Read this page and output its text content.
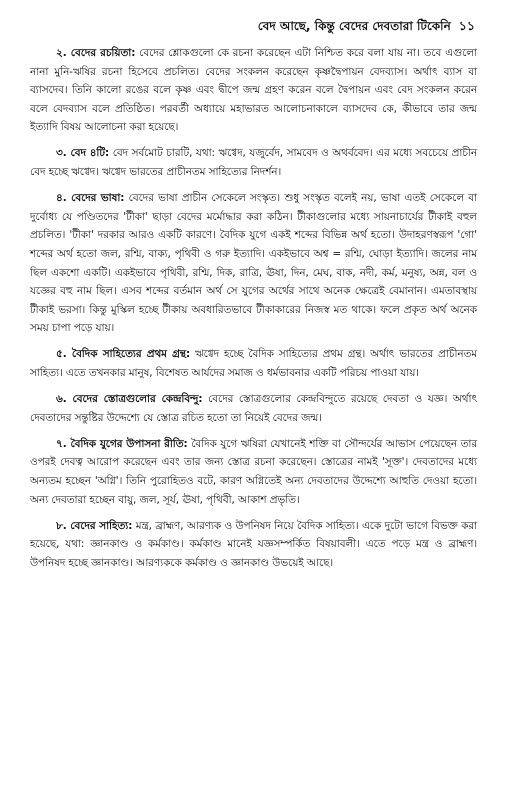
বেদ আছে, কিন্তু বেদের দেবতারা টিকেনি ১১

২. বেদের রচয়িতা: বেদের শ্লোকগুলো কে রচনা করেছেন এটা নিশ্চিত করে বলা যায় না। তবে এগুলো নানা মুনি-ঋষির রচনা হিসেবে প্রচলিত। বেদের সংকলন করেছেন কৃষ্ণদ্বৈপায়ন বেদব্যাস। অর্থাৎ ব্যাস বা ব্যাসদেব। তিনি কালো রঙের বলে কৃষ্ণ এবং দ্বীপে জন্ম গ্রহণ করেন বলে দ্বৈপায়ন এবং বেদ সংকলন করেন বলে বেদব্যাস বলে প্রতিষ্ঠিত। পরবর্তী অধ্যায়ে মহাভারত আলোচনাকালে ব্যাসদেব কে, কীভাবে তার জন্ম ইত্যাদি বিষয় আলোচনা করা হয়েছে।

৩. বেদ ৪টি: বেদ সর্বমোট চারটি, যথা: ঋগ্বেদ, যজুর্বেদ, সামবেদ ও অথর্ববেদ। এর মধ্যে সবচেয়ে প্রাচীন বেদ হচ্ছে ঋগ্বেদ। ঋগ্বেদ ভারতের প্রাচীনতম সাহিত্যের নিদর্শন।

৪. বেদের ভাষা: বেদের ভাষা প্রাচীন সেকেলে সংস্কৃত। শুধু সংস্কৃত বলেই নয়, ভাষা এতই সেকেলে বা দুর্বোধ্য যে পণ্ডিতদের 'টীকা' ছাড়া বেদের মর্মোদ্ধার করা কঠিন। টীকাগুলোর মধ্যে সায়নাচার্যের টীকাই বহুল প্রচলিত। 'টীকা' দরকার আরও একটি কারণে। বৈদিক যুগে একই শব্দের বিভিন্ন অর্থ হতো। উদাহরণস্বরূপ 'গো' শব্দের অর্থ হতো জল, রশ্মি, বাক্য, পৃথিবী ও গরু ইত্যাদি। একইভাবে অশ্ব = রশ্মি, ঘোড়া ইত্যাদি। জলের নাম ছিল একশো একটি। একইভাবে পৃথিবী, রশ্মি, দিক, রাত্রি, ঊষা, দিন, মেঘ, বাক, নদী, কর্ম, মনুষ্য, অন্ন, বল ও যজ্ঞের বহু নাম ছিল। এসব শব্দের বর্তমান অর্থ সে যুগের অর্থের সাথে অনেক ক্ষেত্রেই বেমানান। এমতাবস্থায় টীকাই ভরসা। কিন্তু মুস্কিল হচ্ছে টীকায় অবধারিতভাবে টীকাকারের নিজস্ব মত থাকে। ফলে প্রকৃত অর্থ অনেক সময় চাপা পড়ে যায়।

৫. বৈদিক সাহিত্যের প্রথম গ্রন্থ: ঋগ্বেদ হচ্ছে বৈদিক সাহিত্যের প্রথম গ্রন্থ। অর্থাৎ ভারতের প্রাচীনতম সাহিত্য। এতে তখনকার মানুষ, বিশেষত আর্যদের সমাজ ও ধর্মভাবনার একটি পরিচয় পাওয়া যায়।

৬. বেদের স্তোত্রগুলোর কেন্দ্রবিন্দু: বেদের স্তোত্রগুলোর কেন্দ্রবিন্দুতে রয়েছে দেবতা ও যজ্ঞ। অর্থাৎ দেবতাদের সন্তুষ্টির উদ্দেশ্যে যে স্তোত্র রচিত হতো তা নিয়েই বেদের জন্ম।

৭. বৈদিক যুগের উপাসনা রীতি: বৈদিক যুগে ঋষিরা যেখানেই শক্তি বা সৌন্দর্যের আভাস পেয়েছেন তার ওপরই দেবত্ব আরোপ করেছেন এবং তার জন্য স্তোত্র রচনা করেছেন। স্তোত্রের নামই 'সূক্ত'। দেবতাদের মধ্যে অন্যতম হচ্ছেন 'অগ্নি'। তিনি পুরোহিতও বটে, কারণ অগ্নিতেই অন্য দেবতাদের উদ্দেশ্যে আহুতি দেওয়া হতো। অন্য দেবতারা হচ্ছেন বায়ু, জল, সূর্য, ঊষা, পৃথিবী, আকাশ প্রভৃতি।

৮. বেদের সাহিত্য: মন্ত্র, ব্রাহ্মণ, আরণ্যক ও উপনিষদ নিয়ে বৈদিক সাহিত্য। একে দুটো ভাগে বিভক্ত করা হয়েছে, যথা: জ্ঞানকাণ্ড ও কর্মকাণ্ড। কর্মকাণ্ড মানেই যজ্ঞসম্পর্কিত বিষয়াবলী। এতে পড়ে মন্ত্র ও ব্রাহ্মণ। উপনিষদ হচ্ছে জ্ঞানকাণ্ড। আরণ্যককে কর্মকাণ্ড ও জ্ঞানকাণ্ড উভয়েই আছে।
